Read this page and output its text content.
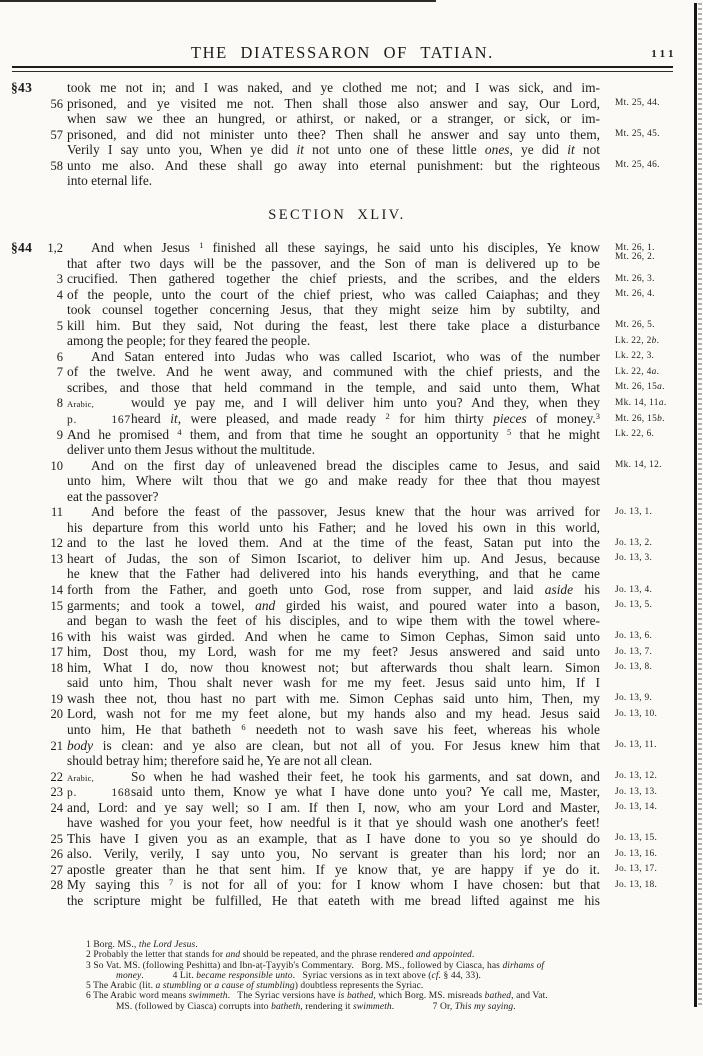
THE DIATESSARON OF TATIAN.	111
§43	took me not in; and I was naked, and ye clothed me not; and I was sick, and im-
56 prisoned, and ye visited me not. Then shall those also answer and say, Our Lord,	Mt. 25, 44.
when saw we thee an hungred, or athirst, or naked, or a stranger, or sick, or im-
57 prisoned, and did not minister unto thee? Then shall he answer and say unto them,	Mt. 25, 45.
Verily I say unto you, When ye did it not unto one of these little ones, ye did it not
58 unto me also. And these shall go away into eternal punishment: but the righteous	Mt. 25, 46.
into eternal life.
SECTION XLIV.
§44 1,2	And when Jesus $^1$ finished all these sayings, he said unto his disciples, Ye know	Mt. 26, 1.
Mt. 26, 2.
that after two days will be the passover, and the Son of man is delivered up to be
3 crucified. Then gathered together the chief priests, and the scribes, and the elders	Mt. 26, 3.
4 of the people, unto the court of the chief priest, who was called Caiaphas; and they	Mt. 26, 4.
took counsel together concerning Jesus, that they might seize him by subtilty, and
5 kill him. But they said, Not during the feast, lest there take place a disturbance	Mt. 26, 5.
among the people; for they feared the people.	Lk. 22, 2b.
6	And Satan entered into Judas who was called Iscariot, who was of the number	Lk. 22, 3.
7 of the twelve. And he went away, and communed with the chief priests, and the	Lk. 22, 4a.
scribes, and those that held command in the temple, and said unto them, What	Mt. 26, 15a.
8 Arabic,	would ye pay me, and I will deliver him unto you? And they, when they	Mk. 14, 11a.
p. 167heard it, were pleased, and made ready $^2$ for him thirty pieces of money.$^3$	Mt. 26, 15b.
9 And he promised $^4$ them, and from that time he sought an opportunity $^5$ that he might	Lk. 22, 6.
deliver unto them Jesus without the multitude.
10	And on the first day of unleavened bread the disciples came to Jesus, and said	Mk. 14, 12.
unto him, Where wilt thou that we go and make ready for thee that thou mayest
eat the passover?
11	And before the feast of the passover, Jesus knew that the hour was arrived for	Jo. 13, 1.
his departure from this world unto his Father; and he loved his own in this world,
12 and to the last he loved them. And at the time of the feast, Satan put into the	Jo. 13, 2.
13 heart of Judas, the son of Simon Iscariot, to deliver him up. And Jesus, because	Jo. 13, 3.
he knew that the Father had delivered into his hands everything, and that he came
14 forth from the Father, and goeth unto God, rose from supper, and laid aside his	Jo. 13, 4.
15 garments; and took a towel, and girded his waist, and poured water into a bason,	Jo. 13, 5.
and began to wash the feet of his disciples, and to wipe them with the towel where-
16 with his waist was girded. And when he came to Simon Cephas, Simon said unto	Jo. 13, 6.
17 him, Dost thou, my Lord, wash for me my feet? Jesus answered and said unto	Jo. 13, 7.
18 him, What I do, now thou knowest not; but afterwards thou shalt learn. Simon	Jo. 13, 8.
said unto him, Thou shalt never wash for me my feet. Jesus said unto him, If I
19 wash thee not, thou hast no part with me. Simon Cephas said unto him, Then, my	Jo. 13, 9.
20 Lord, wash not for me my feet alone, but my hands also and my head. Jesus said	Jo. 13, 10.
unto him, He that batheth $^6$ needeth not to wash save his feet, whereas his whole
21 body is clean: and ye also are clean, but not all of you. For Jesus knew him that	Jo. 13, 11.
should betray him; therefore said he, Ye are not all clean.
22 Arabic,	So when he had washed their feet, he took his garments, and sat down, and	Jo. 13, 12.
23 p. 168said unto them, Know ye what I have done unto you? Ye call me, Master,	Jo. 13, 13.
24 and, Lord: and ye say well; so I am. If then I, now, who am your Lord and Master,	Jo. 13, 14.
have washed for you your feet, how needful is it that ye should wash one another's feet!
25 This have I given you as an example, that as I have done to you so ye should do	Jo. 13, 15.
26 also. Verily, verily, I say unto you, No servant is greater than his lord; nor an	Jo. 13, 16.
27 apostle greater than he that sent him. If ye know that, ye are happy if ye do it.	Jo. 13, 17.
28 My saying this $^7$ is not for all of you: for I know whom I have chosen: but that	Jo. 13, 18.
the scripture might be fulfilled, He that eateth with me bread lifted against me his
1 Borg. MS., the Lord Jesus.
2 Probably the letter that stands for and should be repeated, and the phrase rendered and appointed.
3 So Vat. MS. (following Peshitta) and Ibn-aṭ-Ṭayyib's Commentary.   Borg. MS., followed by Ciasca, has dirhams of
money.   4 Lit. became responsible unto.   Syriac versions as in text above (cf. § 44, 33).
5 The Arabic (lit. a stumbling or a cause of stumbling) doubtless represents the Syriac.
6 The Arabic word means swimmeth.   The Syriac versions have is bathed, which Borg. MS. misreads bathed, and Vat.
MS. (followed by Ciasca) corrupts into batheth, rendering it swimmeth.    7 Or, This my saying.
